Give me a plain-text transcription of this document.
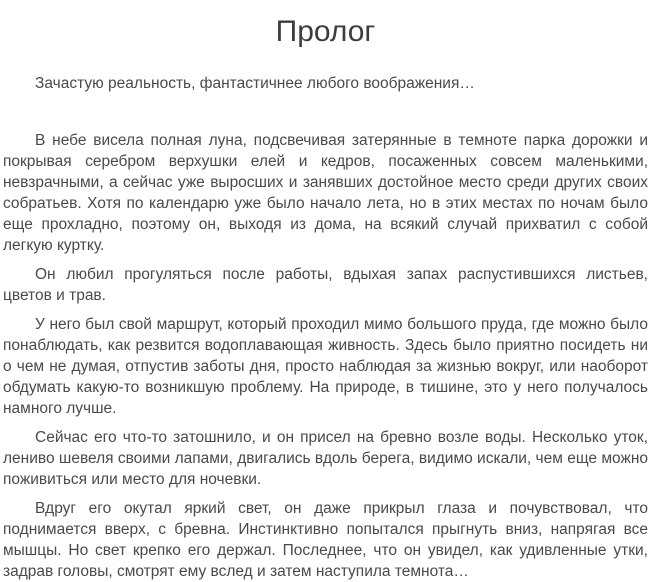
Пролог

Зачастую реальность, фантастичнее любого воображения…

В небе висела полная луна, подсвечивая затерянные в темноте парка дорожки и покрывая серебром верхушки елей и кедров, посаженных совсем маленькими, невзрачными, а сейчас уже выросших и занявших достойное место среди других своих собратьев. Хотя по календарю уже было начало лета, но в этих местах по ночам было еще прохладно, поэтому он, выходя из дома, на всякий случай прихватил с собой легкую куртку.

Он любил прогуляться после работы, вдыхая запах распустившихся листьев, цветов и трав.

У него был свой маршрут, который проходил мимо большого пруда, где можно было понаблюдать, как резвится водоплавающая живность. Здесь было приятно посидеть ни о чем не думая, отпустив заботы дня, просто наблюдая за жизнью вокруг, или наоборот обдумать какую-то возникшую проблему. На природе, в тишине, это у него получалось намного лучше.

Сейчас его что-то затошнило, и он присел на бревно возле воды. Несколько уток, лениво шевеля своими лапами, двигались вдоль берега, видимо искали, чем еще можно поживиться или место для ночевки.

Вдруг его окутал яркий свет, он даже прикрыл глаза и почувствовал, что поднимается вверх, с бревна. Инстинктивно попытался прыгнуть вниз, напрягая все мышцы. Но свет крепко его держал. Последнее, что он увидел, как удивленные утки, задрав головы, смотрят ему вслед и затем наступила темнота…
